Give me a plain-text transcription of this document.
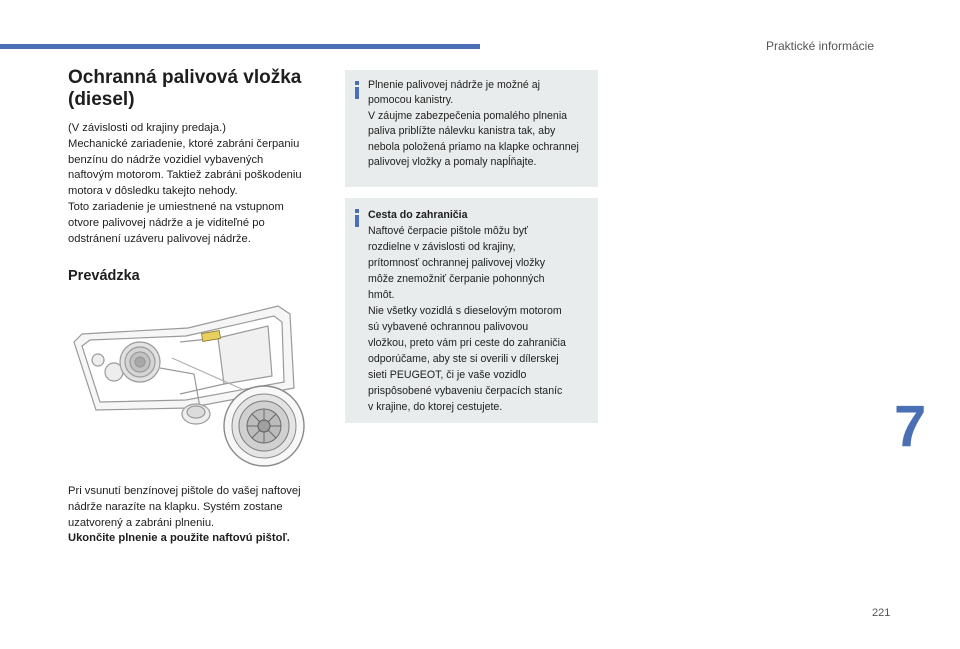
Praktické informácie
Ochranná palivová vložka
(diesel)

(V závislosti od krajiny predaja.)

Mechanické zariadenie, ktoré zabráni čerpaniu

benzínu do nádrže vozidiel vybavených

naftovým motorom. Taktiež zabráni poškodeniu

motora v dôsledku takejto nehody.

Toto zariadenie je umiestnené na vstupnom

otvore palivovej nádrže a je viditeľné po

odstránení uzáveru palivovej nádrže.

Prevádzka

Pri vsunutí benzínovej pištole do vašej naftovej

nádrže narazíte na klapku. Systém zostane

uzatvorený a zabráni plneniu.

Ukončite plnenie a použite naftovú pištoľ.

Plnenie palivovej nádrže je možné aj

pomocou kanistry.

V záujme zabezpečenia pomalého plnenia

paliva priblížte nálevku kanistra tak, aby

nebola položená priamo na klapke ochrannej

palivovej vložky a pomaly napĺňajte.

Cesta do zahraničia

Naftové čerpacie pištole môžu byť

rozdielne v závislosti od krajiny,

prítomnosť ochrannej palivovej vložky

môže znemožniť čerpanie pohonných

hmôt.

Nie všetky vozidlá s dieselovým motorom

sú vybavené ochrannou palivovou

vložkou, preto vám pri ceste do zahraničia

odporúčame, aby ste si overili v dílerskej

sieti PEUGEOT, či je vaše vozidlo

prispôsobené vybaveniu čerpacích staníc

v krajine, do ktorej cestujete.	7
221
